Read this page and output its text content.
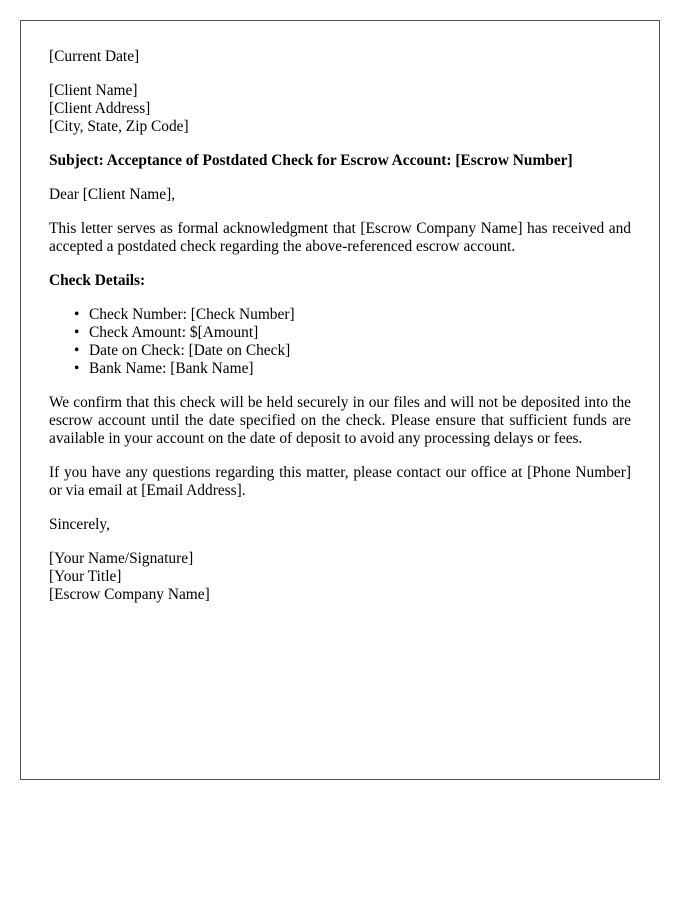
[Current Date]
[Client Name]
[Client Address]
[City, State, Zip Code]
Subject: Acceptance of Postdated Check for Escrow Account: [Escrow Number]
Dear [Client Name],

This letter serves as formal acknowledgment that [Escrow Company Name] has received and accepted a postdated check regarding the above-referenced escrow account.

Check Details:
• Check Number: [Check Number]
• Check Amount: $[Amount]
• Date on Check: [Date on Check]
• Bank Name: [Bank Name]

We confirm that this check will be held securely in our files and will not be deposited into the escrow account until the date specified on the check. Please ensure that sufficient funds are available in your account on the date of deposit to avoid any processing delays or fees.

If you have any questions regarding this matter, please contact our office at [Phone Number] or via email at [Email Address].

Sincerely,
[Your Name/Signature]
[Your Title]
[Escrow Company Name]
